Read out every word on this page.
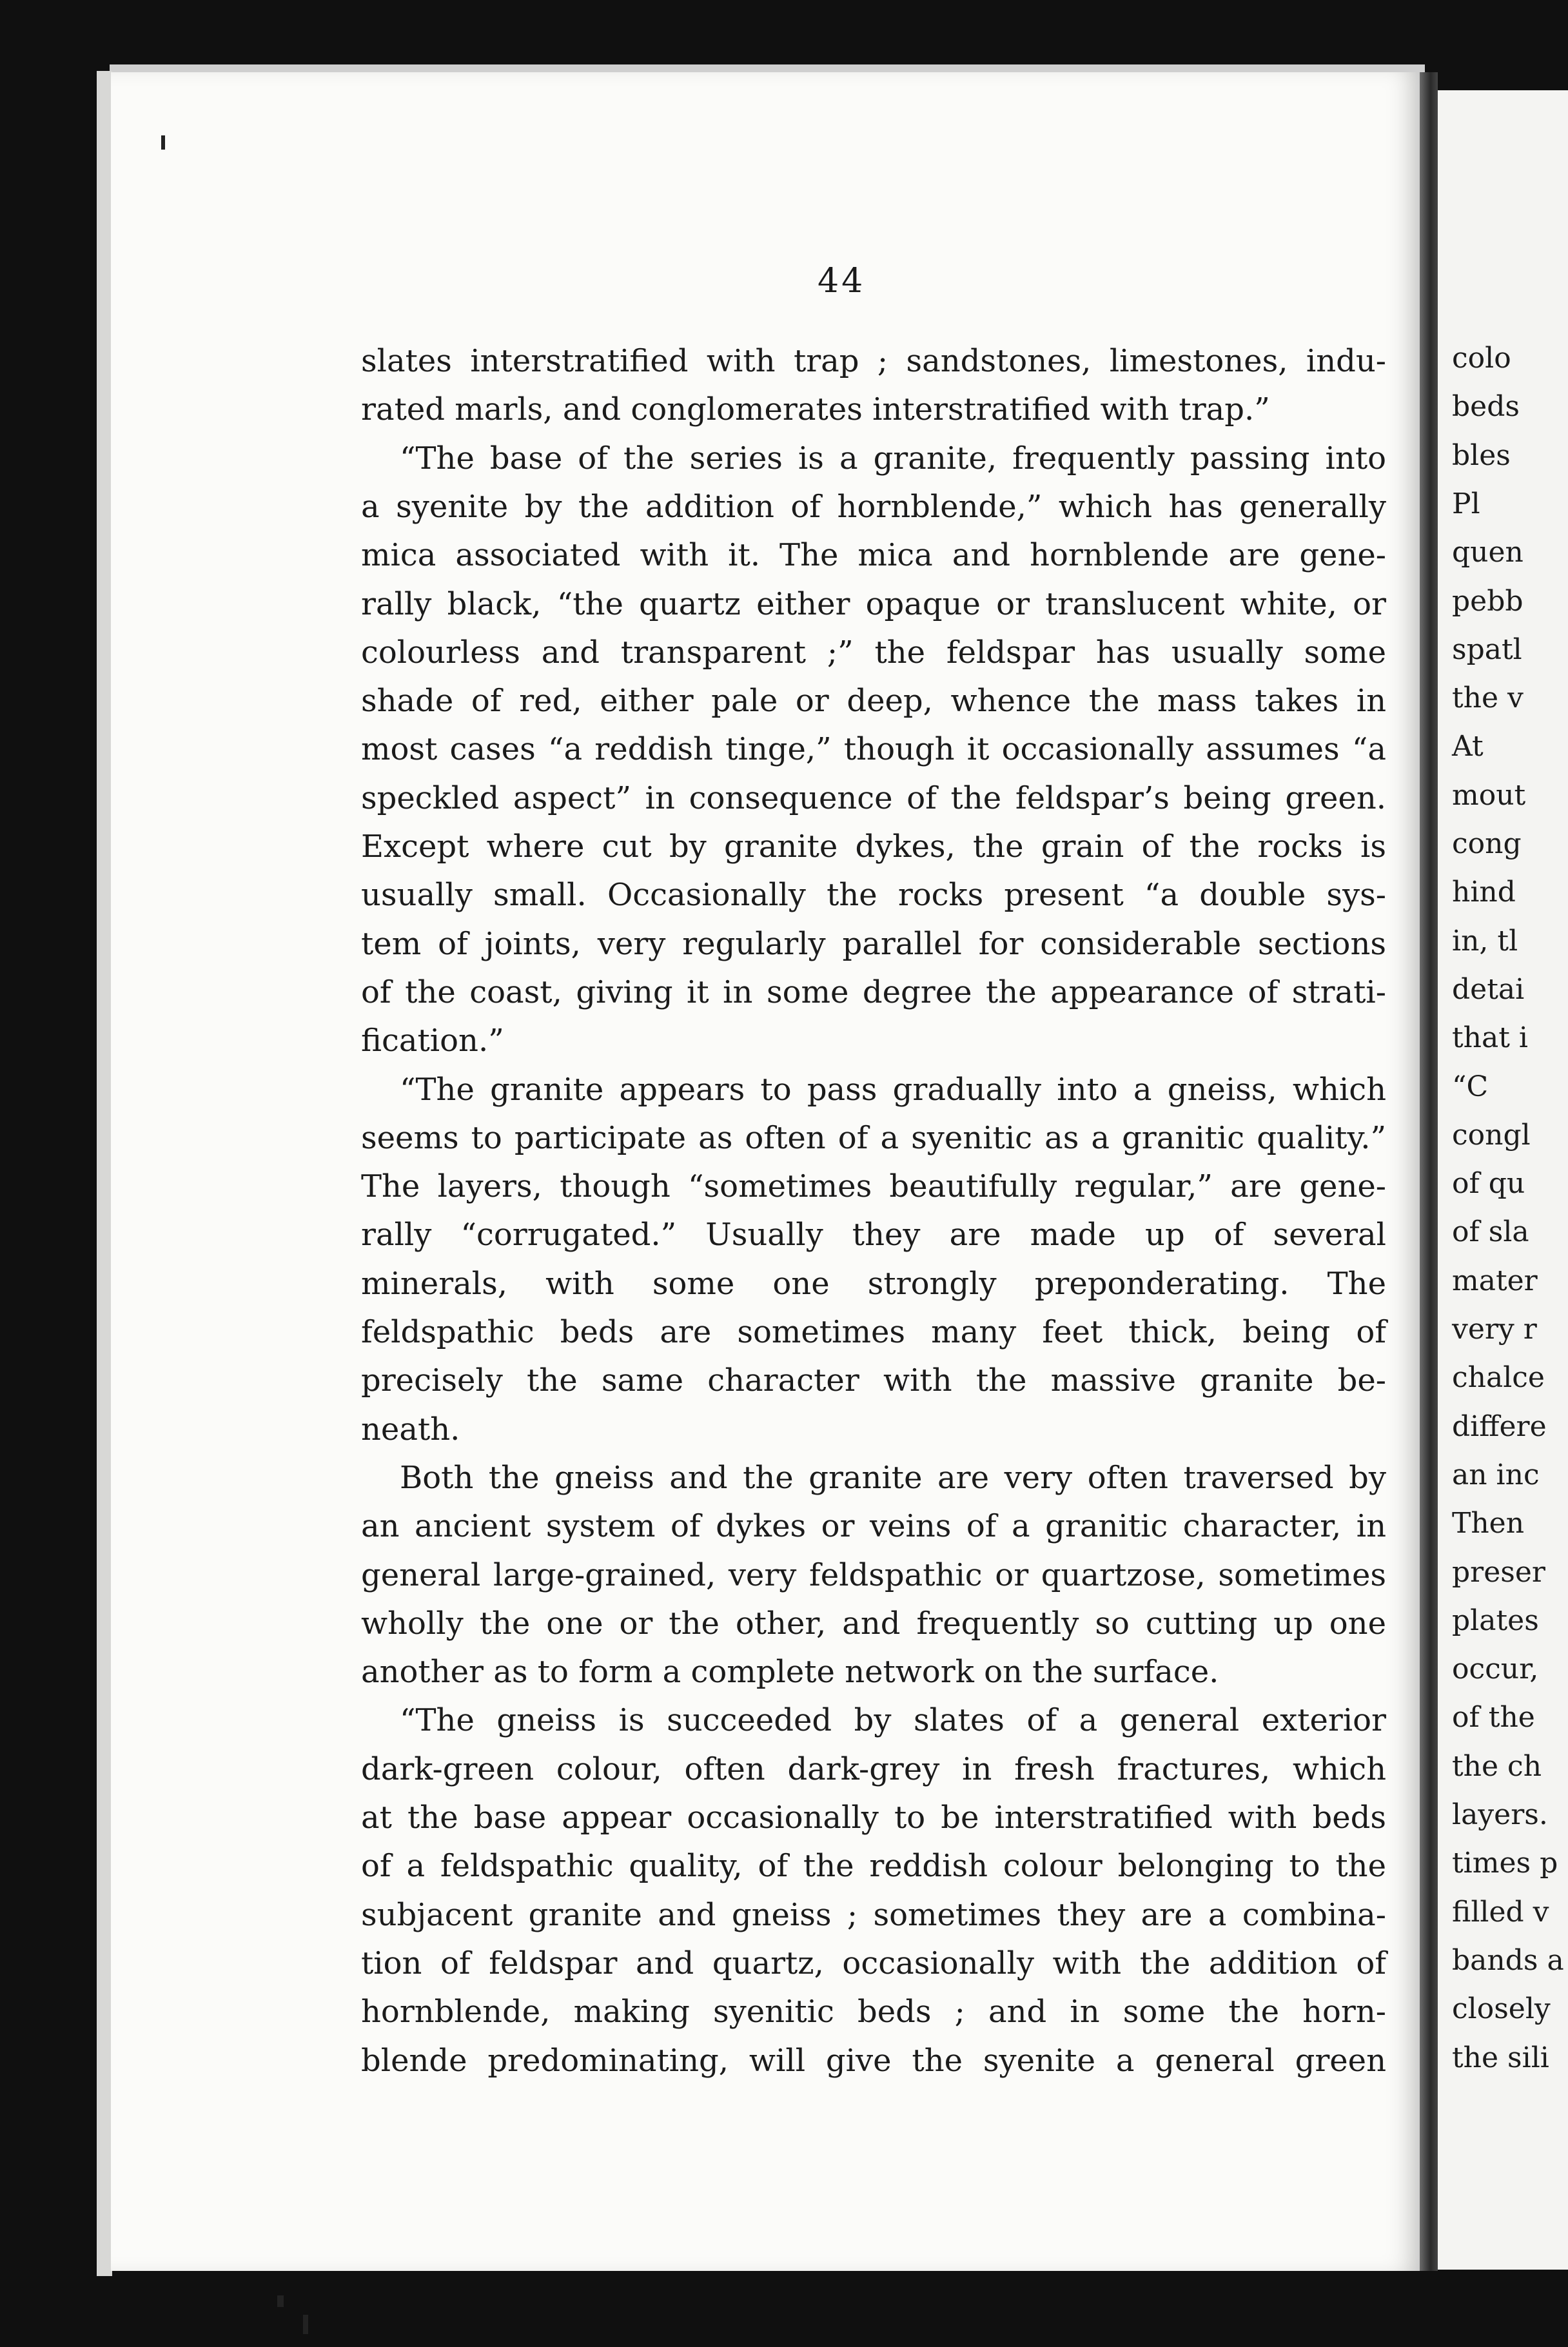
colo
beds
bles
Pl
quen
pebb
spatl
the v
At
mout
cong
hind
in, tl
detai
that i
“C
congl
of qu
of sla
mater
very r
chalce
differe
an inc
Then
preser
plates
occur,
of the
the ch
layers.
times p
filled v
bands a
closely
the sili
44
slates interstratified with trap ; sandstones, limestones, indu-
rated marls, and conglomerates interstratified with trap.”
“The base of the series is a granite, frequently passing into
a syenite by the addition of hornblende,” which has generally
mica associated with it. The mica and hornblende are gene-
rally black, “the quartz either opaque or translucent white, or
colourless and transparent ;” the feldspar has usually some
shade of red, either pale or deep, whence the mass takes in
most cases “a reddish tinge,” though it occasionally assumes “a
speckled aspect” in consequence of the feldspar’s being green.
Except where cut by granite dykes, the grain of the rocks is
usually small. Occasionally the rocks present “a double sys-
tem of joints, very regularly parallel for considerable sections
of the coast, giving it in some degree the appearance of strati-
fication.”
“The granite appears to pass gradually into a gneiss, which
seems to participate as often of a syenitic as a granitic quality.”
The layers, though “sometimes beautifully regular,” are gene-
rally “corrugated.” Usually they are made up of several
minerals, with some one strongly preponderating. The
feldspathic beds are sometimes many feet thick, being of
precisely the same character with the massive granite be-
neath.
Both the gneiss and the granite are very often traversed by
an ancient system of dykes or veins of a granitic character, in
general large-grained, very feldspathic or quartzose, sometimes
wholly the one or the other, and frequently so cutting up one
another as to form a complete network on the surface.
“The gneiss is succeeded by slates of a general exterior
dark-green colour, often dark-grey in fresh fractures, which
at the base appear occasionally to be interstratified with beds
of a feldspathic quality, of the reddish colour belonging to the
subjacent granite and gneiss ; sometimes they are a combina-
tion of feldspar and quartz, occasionally with the addition of
hornblende, making syenitic beds ; and in some the horn-
blende predominating, will give the syenite a general green
